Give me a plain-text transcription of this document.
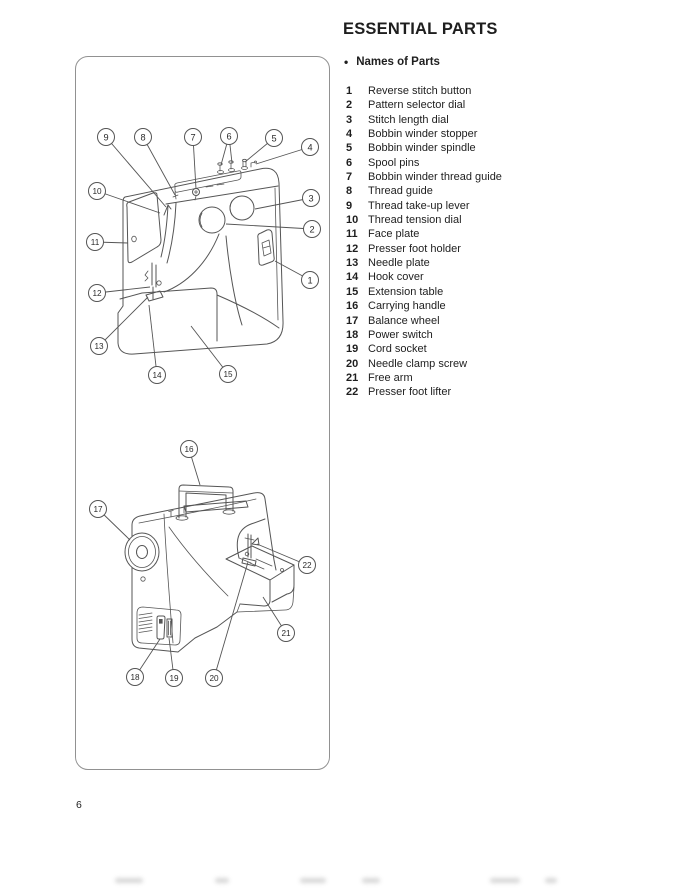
ESSENTIAL PARTS
• Names of Parts
1	Reverse stitch button
2	Pattern selector dial
3	Stitch length dial
4	Bobbin winder stopper
5	Bobbin winder spindle
6	Spool pins
7	Bobbin winder thread guide
8	Thread guide
9	Thread take-up lever
10 Thread tension dial
11 Face plate
12 Presser foot holder
13 Needle plate
14 Hook cover
15 Extension table
16 Carrying handle
17 Balance wheel
18 Power switch
19 Cord socket
20 Needle clamp screw
21 Free arm
22 Presser foot lifter
1
2
3
4
5
6
7
8
9
10
11
12
13
14	15
16
17
18	19	20
21
22
6
